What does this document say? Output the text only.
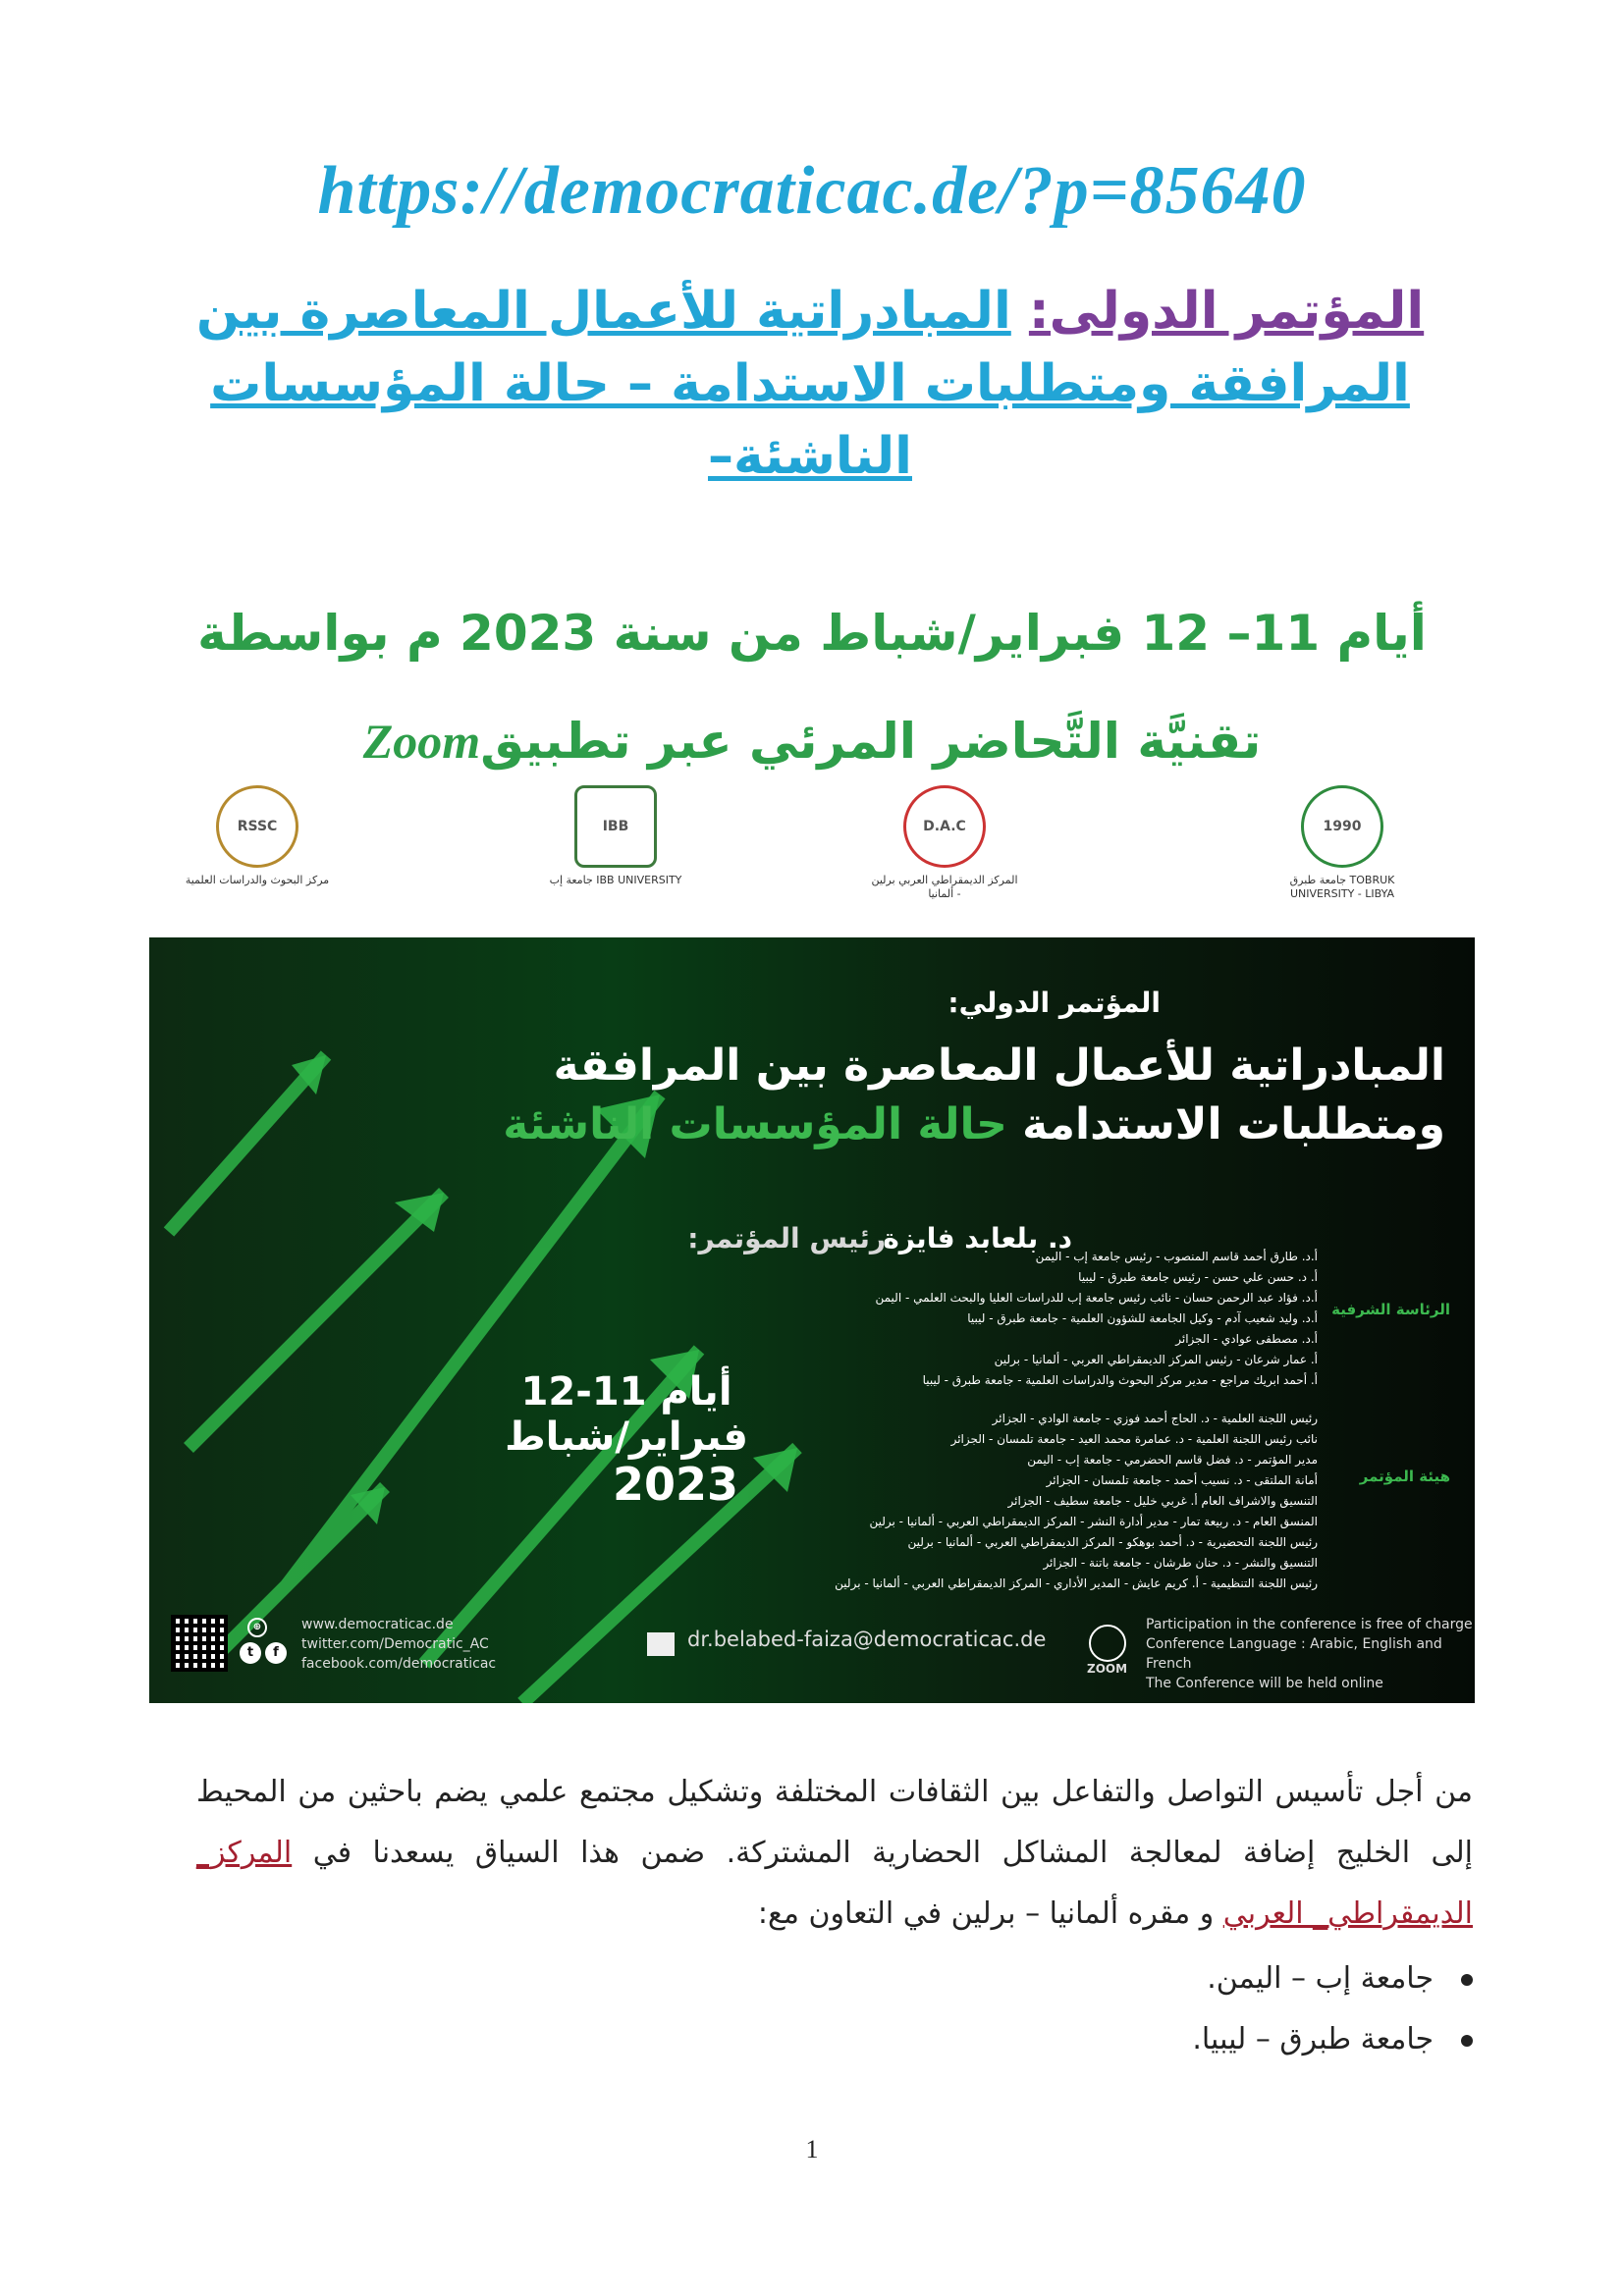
https://democraticac.de/?p=85640
المؤتمر الدولى: المبادراتية للأعمال المعاصرة بين المرافقة ومتطلبات الاستدامة – حالة المؤسسات الناشئة–
أيام 11– 12 فبراير/شباط من سنة 2023 م بواسطة
تقنيَّة التَّحاضر المرئي عبر تطبيقZoom
RSSC
مركز البحوث والدراسات العلمية
IBB
جامعة إب IBB UNIVERSITY
D.A.C
المركز الديمقراطي العربي برلين - ألمانيا
1990
جامعة طبرق TOBRUK UNIVERSITY - LIBYA
المؤتمر الدولي:
المبادراتية للأعمال المعاصرة بين المرافقة
ومتطلبات الاستدامة حالة المؤسسات الناشئة
رئيس المؤتمر:
د. بلعابد فايزة
الرئاسة الشرفية
هيئة المؤتمر
أ.د. طارق أحمد قاسم المنصوب - رئيس جامعة إب - اليمن
أ. د. حسن علي حسن - رئيس جامعة طبرق - ليبيا
أ.د. فؤاد عبد الرحمن حسان - نائب رئيس جامعة إب للدراسات العليا والبحث العلمي - اليمن
أ.د. وليد شعيب آدم - وكيل الجامعة للشؤون العلمية - جامعة طبرق - ليبيا
أ.د. مصطفى عوادي - الجزائر
أ. عمار شرعان - رئيس المركز الديمقراطي العربي - ألمانيا - برلين
أ. أحمد ابريك مراجع - مدير مركز البحوث والدراسات العلمية - جامعة طبرق - ليبيا
رئيس اللجنة العلمية - د. الحاج أحمد فوزي - جامعة الوادي - الجزائر
نائب رئيس اللجنة العلمية - د. عمامرة محمد العيد - جامعة تلمسان - الجزائر
مدير المؤتمر - د. فضل قاسم الحضرمي - جامعة إب - اليمن
أمانة الملتقى - د. نسيب أحمد - جامعة تلمسان - الجزائر
التنسيق والاشراف العام أ. غربي خليل - جامعة سطيف - الجزائر
المنسق العام - د. ربيعة تمار - مدير أدارة النشر - المركز الديمقراطي العربي - ألمانيا - برلين
رئيس اللجنة التحضيرية - د. أحمد بوهكو - المركز الديمقراطي العربي - ألمانيا - برلين
التنسيق والنشر - د. حنان طرشان - جامعة باتنة - الجزائر
رئيس اللجنة التنظيمية - أ. كريم عايش - المدير الأداري - المركز الديمقراطي العربي - ألمانيا - برلين
أيام 11-12
فبراير/شباط
2023
⊕
t	f
www.democraticac.de
twitter.com/Democratic_AC
facebook.com/democraticac
dr.belabed-faiza@democraticac.de
ZOOM
Participation in the conference is free of charge
Conference Language : Arabic, English and French
The Conference will be held online
من أجل تأسيس التواصل والتفاعل بين الثقافات المختلفة وتشكيل مجتمع علمي يضم باحثين من المحيط إلى الخليج إضافة لمعالجة المشاكل الحضارية المشتركة. ضمن هذا السياق يسعدنا في المركز_ الديمقراطي_ العربي و مقره ألمانيا – برلين في التعاون مع:
جامعة إب – اليمن.
جامعة طبرق – ليبيا.
1
